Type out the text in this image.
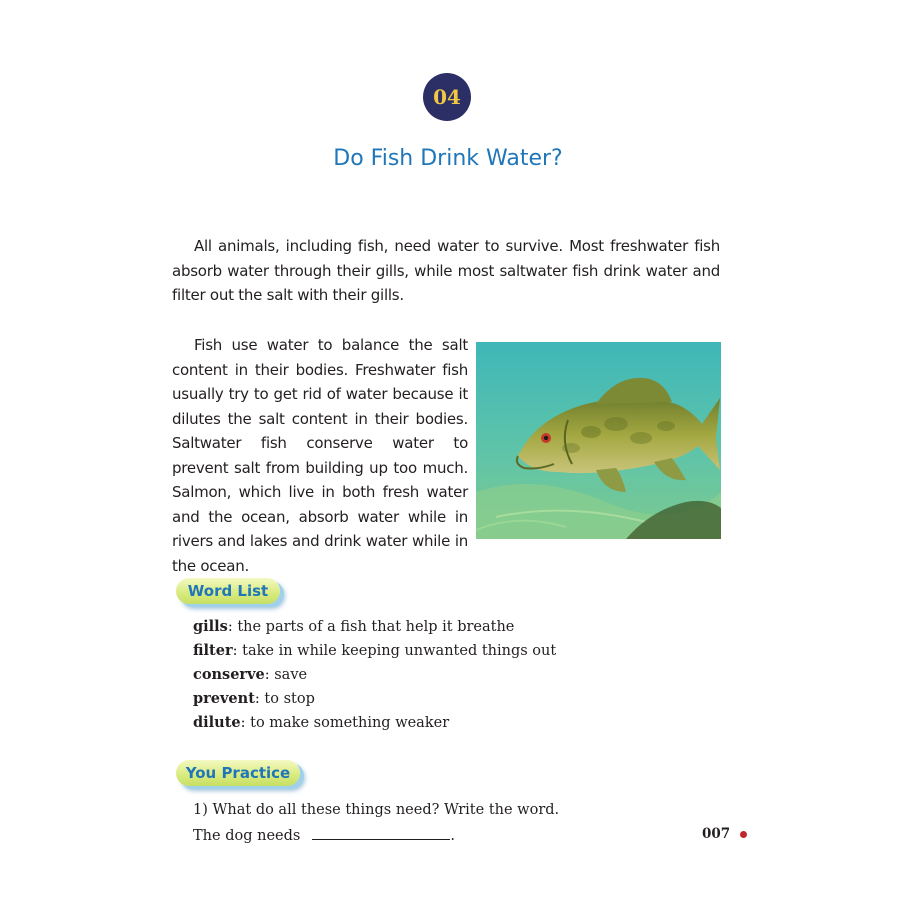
04
Do Fish Drink Water?

All animals, including fish, need water to survive. Most freshwater fish absorb water through their gills, while most saltwater fish drink water and filter out the salt with their gills.

Fish use water to balance the salt content in their bodies. Freshwater fish usually try to get rid of water because it dilutes the salt content in their bodies. Saltwater fish conserve water to prevent salt from building up too much. Salmon, which live in both fresh water and the ocean, absorb water while in rivers and lakes and drink water while in the ocean.

Word List
gills: the parts of a fish that help it breathe
filter: take in while keeping unwanted things out
conserve: save
prevent: to stop
dilute: to make something weaker
You Practice
1) What do all these things need? Write the word.
The dog needs	.	007
